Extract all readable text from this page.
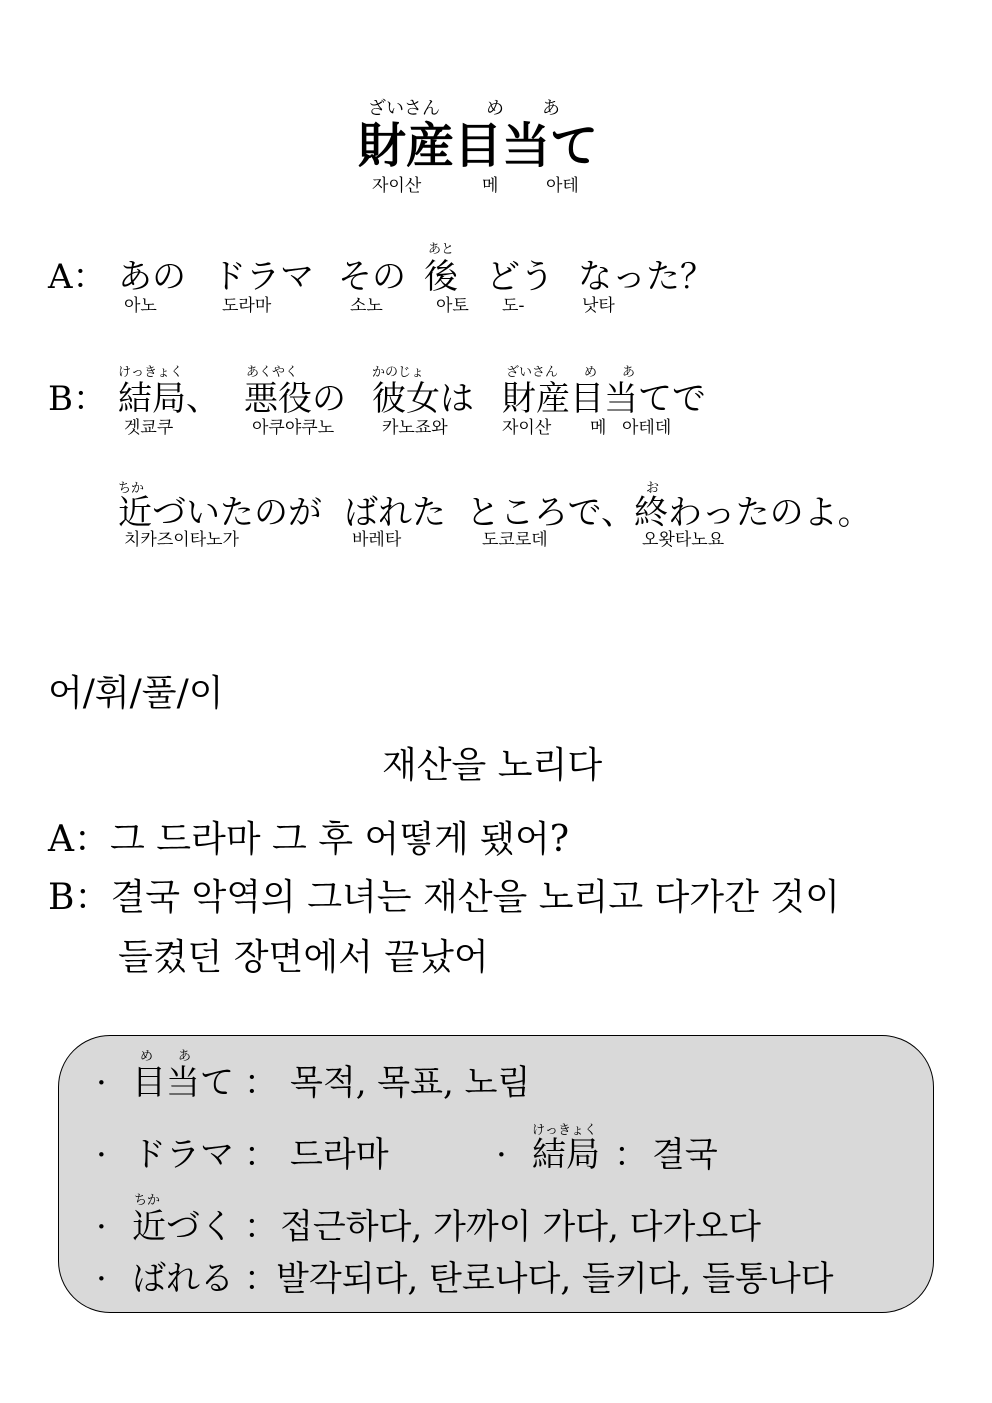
ざいさん	め あ
財産目当て
자이산	메	아테
あと
A： あの ドラマ その 後 どう なった？
아노	도라마	소노	아토 도-	낫타
けっきょく	あくやく	かのじょ	ざいさん め あ
B： 結局、 悪役の 彼女は 財産目当てで
겟쿄쿠	아쿠야쿠노	카노죠와	자이산 메 아테데
ちか	お
近づいたのが ばれた ところで、 終わったのよ。
치카즈이타노가	바레타	도코로데	오왓타노요
어/휘/풀/이
재산을 노리다
A：그 드라마 그 후 어떻게 됐어?
B：결국 악역의 그녀는 재산을 노리고 다가간 것이
들켰던 장면에서 끝났어
め あ
· 目当て ： 목적, 목표, 노림
· ドラマ ： 드라마
けっきょく
· 結局 ： 결국
ちか
· 近づく ： 접근하다, 가까이 가다, 다가오다
· ばれる ：
발각되다, 탄로나다, 들키다, 들통나다
